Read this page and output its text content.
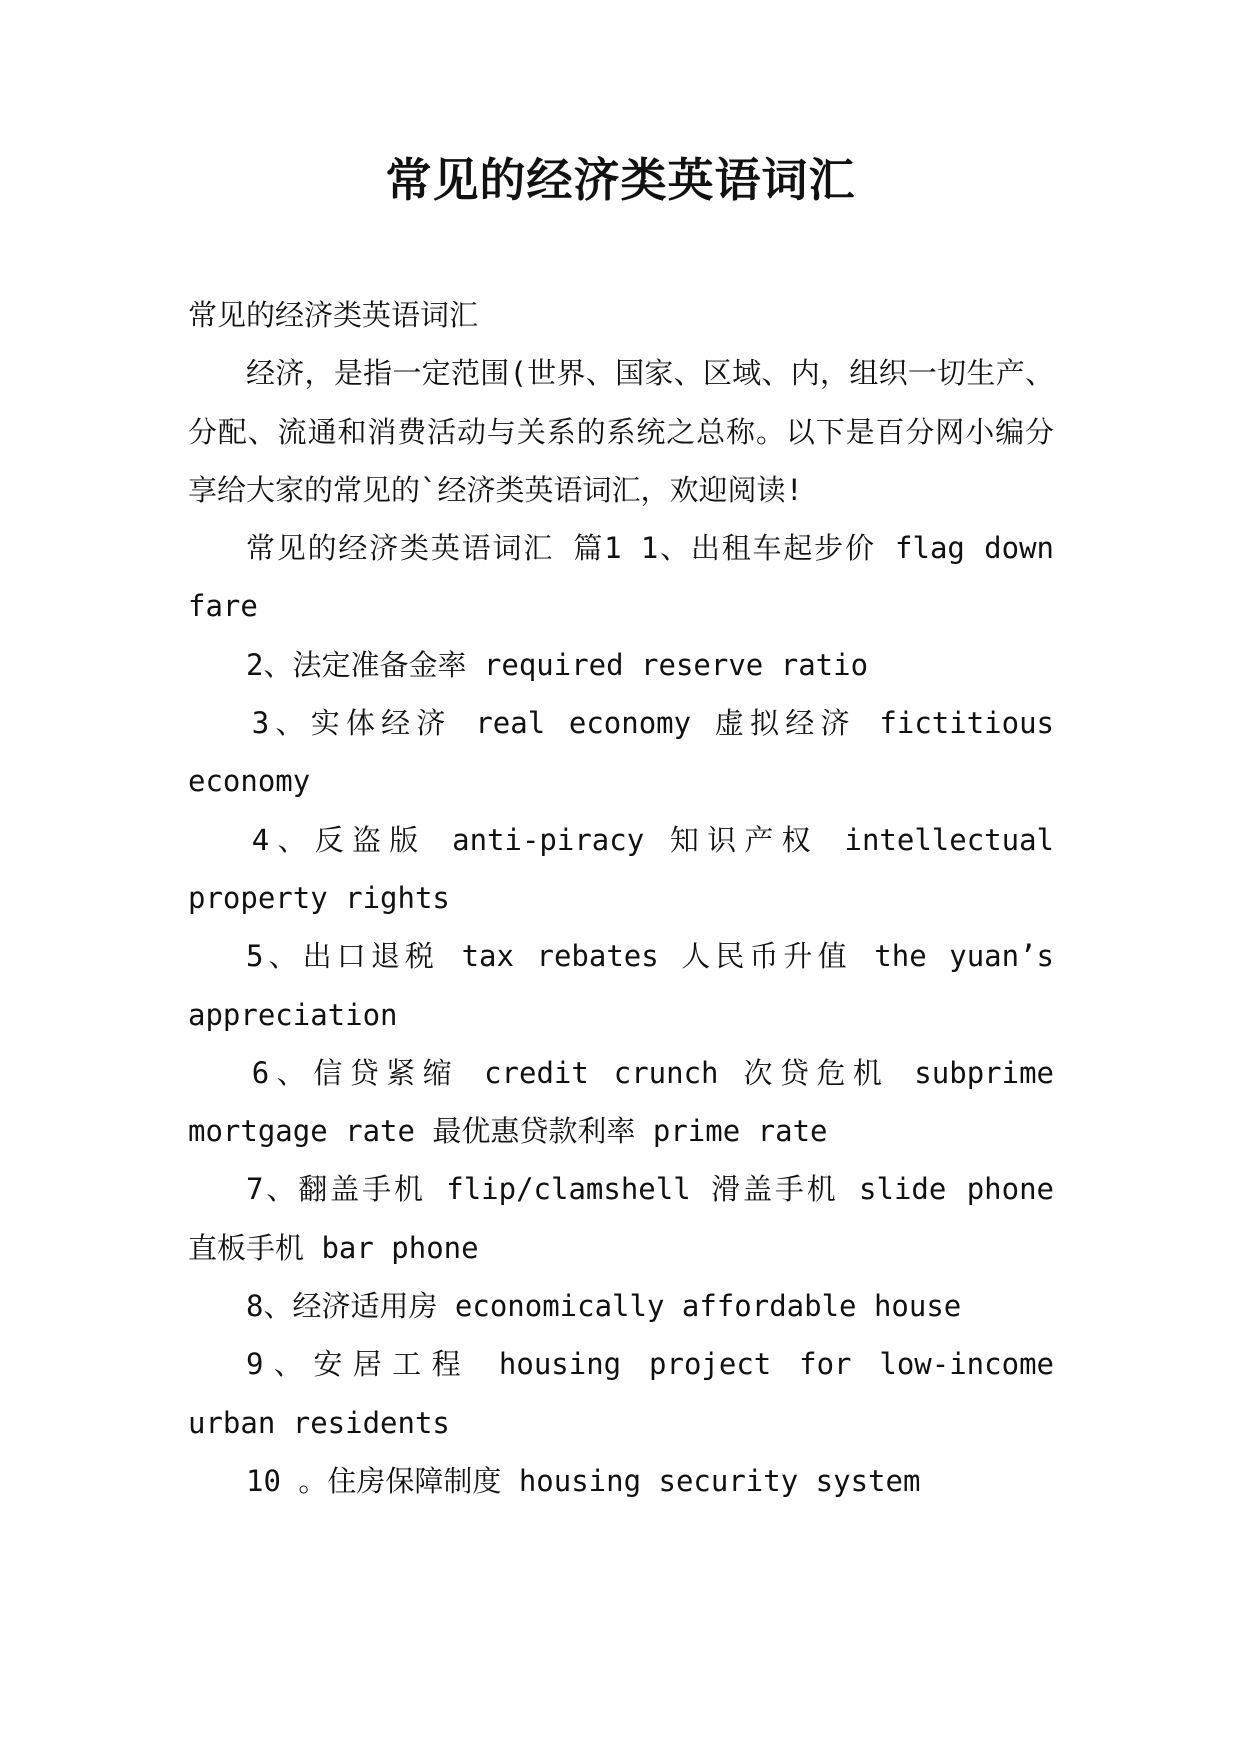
常见的经济类英语词汇

常见的经济类英语词汇

经济，是指一定范围(世界、国家、区域、内，组织一切生产、分配、流通和消费活动与关系的系统之总称。以下是百分网小编分享给大家的常见的`经济类英语词汇，欢迎阅读!

常见的经济类英语词汇 篇1 1、出租车起步价 flag down fare

2、法定准备金率 required reserve ratio

3、实体经济 real economy 虚拟经济 fictitious economy

4、反盗版 anti-piracy 知识产权 intellectual property rights

5、出口退税 tax rebates 人民币升值 the yuan’s appreciation

6、信贷紧缩 credit crunch 次贷危机 subprime mortgage rate 最优惠贷款利率 prime rate

7、翻盖手机 flip/clamshell 滑盖手机 slide phone 直板手机 bar phone

8、经济适用房 economically affordable house

9、安居工程 housing project for low-income urban residents

10 。住房保障制度 housing security system
